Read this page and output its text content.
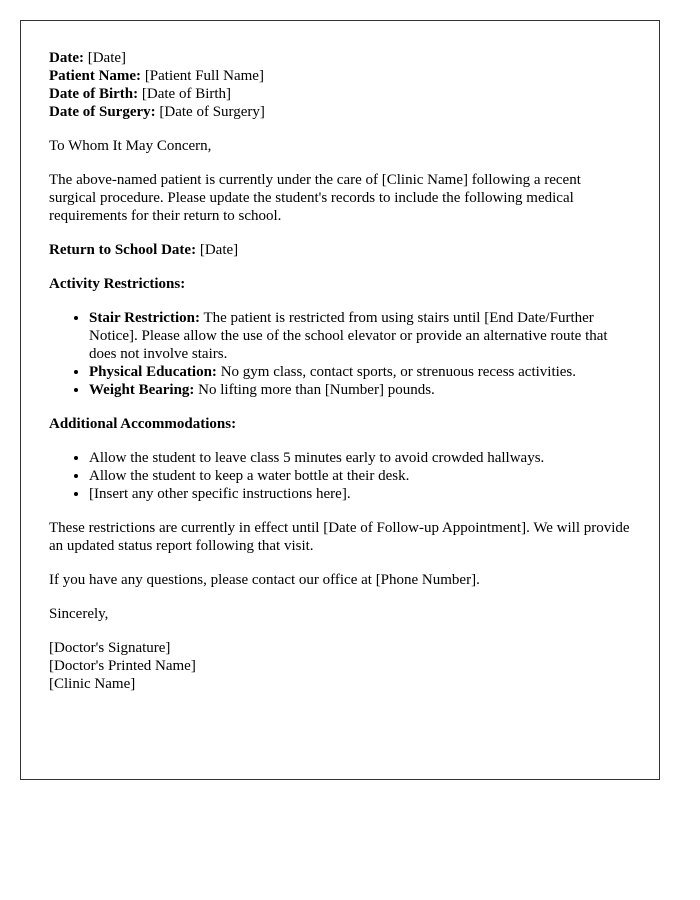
Date: [Date]
Patient Name: [Patient Full Name]
Date of Birth: [Date of Birth]
Date of Surgery: [Date of Surgery]

To Whom It May Concern,

The above-named patient is currently under the care of [Clinic Name] following a recent surgical procedure. Please update the student's records to include the following medical requirements for their return to school.

Return to School Date: [Date]

Activity Restrictions:
• Stair Restriction: The patient is restricted from using stairs until [End Date/Further Notice]. Please allow the use of the school elevator or provide an alternative route that does not involve stairs.
• Physical Education: No gym class, contact sports, or strenuous recess activities.
• Weight Bearing: No lifting more than [Number] pounds.
Additional Accommodations:
• Allow the student to leave class 5 minutes early to avoid crowded hallways.
• Allow the student to keep a water bottle at their desk.
• [Insert any other specific instructions here].

These restrictions are currently in effect until [Date of Follow-up Appointment]. We will provide an updated status report following that visit.

If you have any questions, please contact our office at [Phone Number].

Sincerely,

[Doctor's Signature]
[Doctor's Printed Name]
[Clinic Name]
